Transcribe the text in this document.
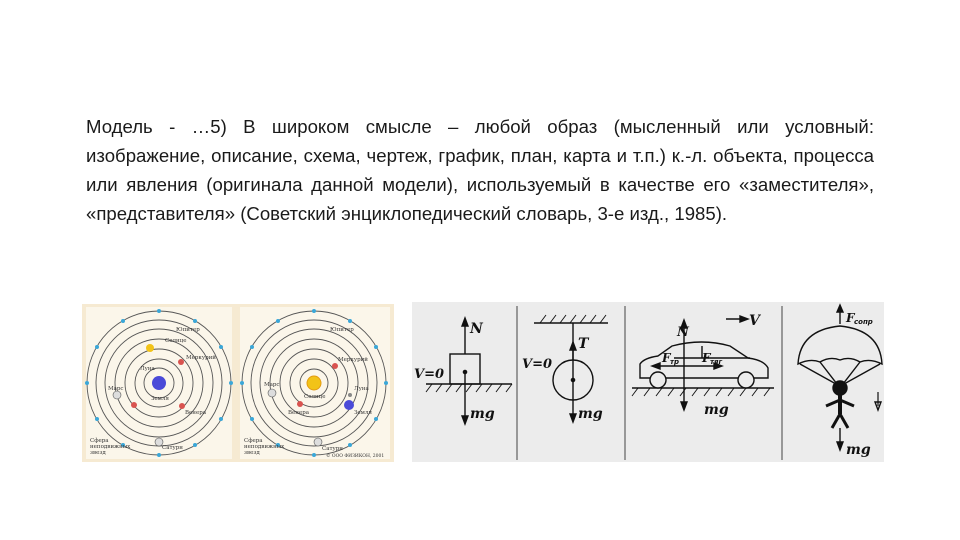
Модель - …5) В широком смысле – любой образ (мысленный или условный: изображение, описание, схема, чертеж, график, план, карта и т.п.) к.-л. объекта, процесса или явления (оригинала данной модели), используемый в качестве его «заместителя», «представителя» (Советский энциклопедический словарь, 3-е изд., 1985).
Юпитер
Солнце
Меркурий
Луна
Марс
Земля
Венера
Сатурн
Сфера
неподвижных
звезд
Юпитер
Меркурий
Луна
Марс
Солнце
Земля
Венера
Сатурн
Сфера
неподвижных
звезд
© ООО ФИЗИКОН, 2001
N
V=0
mg
T
V=0
mg
N
V
F тр F тяг
mg
F сопр
mg
